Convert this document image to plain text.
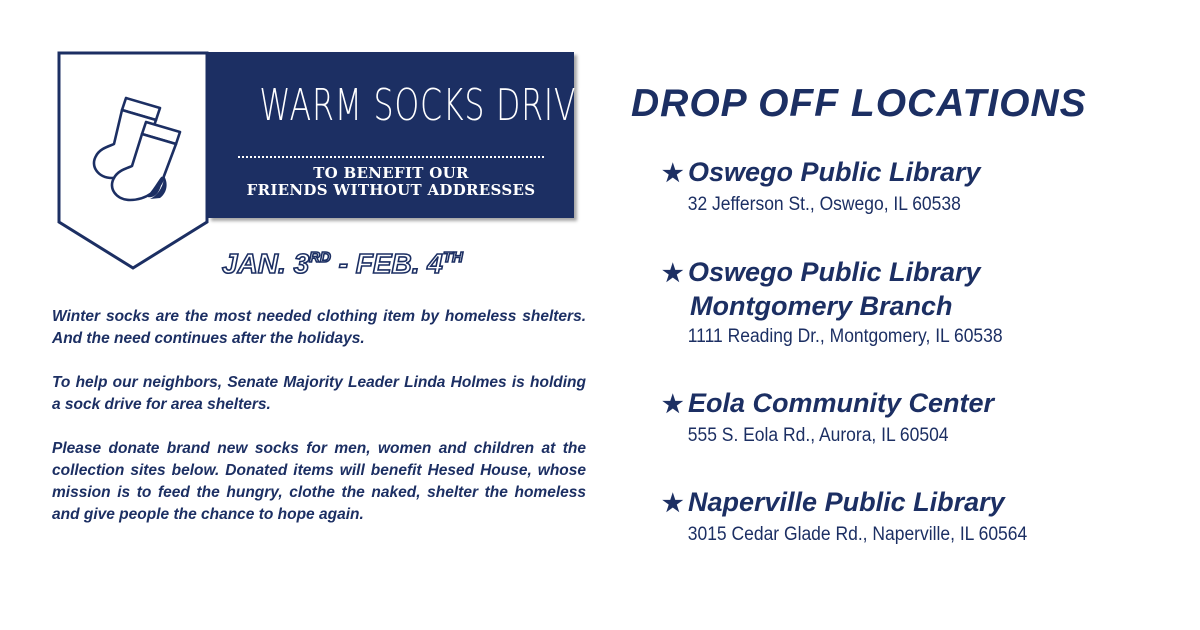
WARM SOCKS DRIVE
TO BENEFIT OUR
FRIENDS WITHOUT ADDRESSES
JAN. 3RD - FEB. 4TH

Winter socks are the most needed clothing item by homeless shelters. And the need continues after the holidays.

To help our neighbors, Senate Majority Leader Linda Holmes is holding a sock drive for area shelters.

Please donate brand new socks for men, women and children at the collection sites below. Donated items will benefit Hesed House, whose mission is to feed the hungry, clothe the naked, shelter the homeless and give people the chance to hope again.

DROP OFF LOCATIONS
★ Oswego Public Library
32 Jefferson St., Oswego, IL 60538
★ Oswego Public Library
Montgomery Branch
1111 Reading Dr., Montgomery, IL 60538
★ Eola Community Center
555 S. Eola Rd., Aurora, IL 60504
★ Naperville Public Library
3015 Cedar Glade Rd., Naperville, IL 60564
